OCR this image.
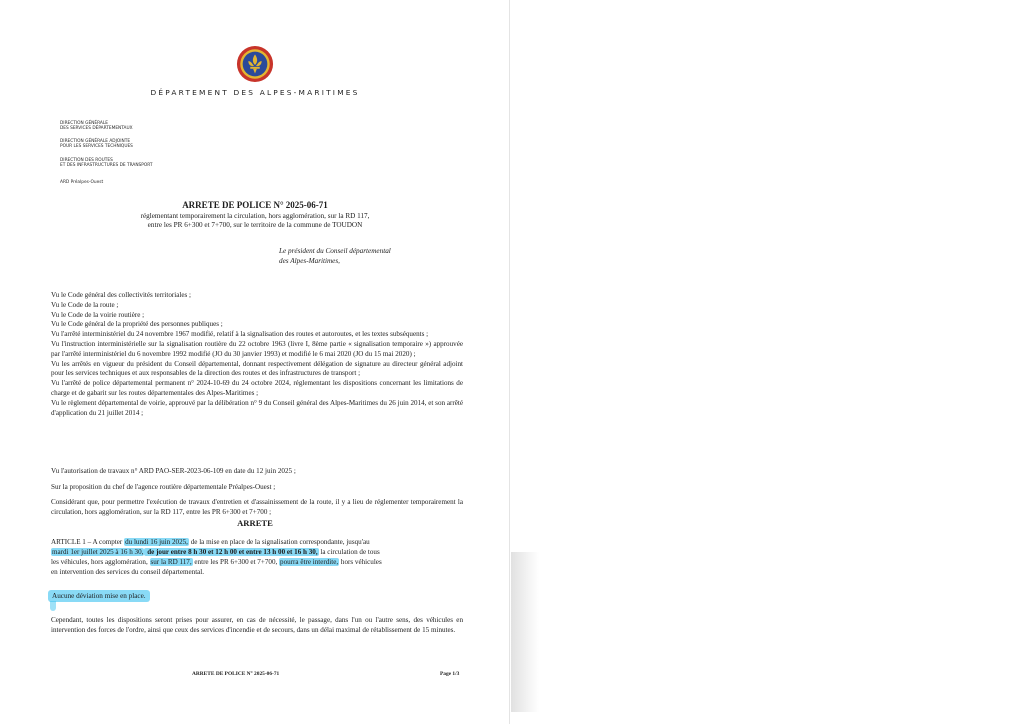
DÉPARTEMENT DES ALPES-MARITIMES
DIRECTION GÉNÉRALE
DES SERVICES DÉPARTEMENTAUX
DIRECTION GÉNÉRALE ADJOINTE
POUR LES SERVICES TECHNIQUES
DIRECTION DES ROUTES
ET DES INFRASTRUCTURES DE TRANSPORT
ARD Préalpes-Ouest
ARRETE DE POLICE N° 2025-06-71
réglementant temporairement la circulation, hors agglomération, sur la RD 117,
entre les PR 6+300 et 7+700, sur le territoire de la commune de TOUDON
Le président du Conseil départemental
des Alpes-Maritimes,

Vu le Code général des collectivités territoriales ;

Vu le Code de la route ;

Vu le Code de la voirie routière ;

Vu le Code général de la propriété des personnes publiques ;

Vu l'arrêté interministériel du 24 novembre 1967 modifié, relatif à la signalisation des routes et autoroutes, et les textes subséquents ;

Vu l'instruction interministérielle sur la signalisation routière du 22 octobre 1963 (livre I, 8ème partie « signalisation temporaire ») approuvée par l'arrêté interministériel du 6 novembre 1992 modifié (JO du 30 janvier 1993) et modifié le 6 mai 2020 (JO du 15 mai 2020) ;

Vu les arrêtés en vigueur du président du Conseil départemental, donnant respectivement délégation de signature au directeur général adjoint pour les services techniques et aux responsables de la direction des routes et des infrastructures de transport ;

Vu l'arrêté de police départemental permanent n° 2024-10-69 du 24 octobre 2024, réglementant les dispositions concernant les limitations de charge et de gabarit sur les routes départementales des Alpes-Maritimes ;

Vu le règlement départemental de voirie, approuvé par la délibération n° 9 du Conseil général des Alpes-Maritimes du 26 juin 2014, et son arrêté d'application du 21 juillet 2014 ;

Vu l'autorisation de travaux n° ARD PAO-SER-2023-06-109 en date du 12 juin 2025 ;

Sur la proposition du chef de l'agence routière départementale Préalpes-Ouest ;

Considérant que, pour permettre l'exécution de travaux d'entretien et d'assainissement de la route, il y a lieu de réglementer temporairement la circulation, hors agglomération, sur la RD 117, entre les PR 6+300 et 7+700 ;

ARRETE
ARTICLE 1 – A compter du lundi 16 juin 2025, de la mise en place de la signalisation correspondante, jusqu'au
mardi 1er juillet 2025 à 16 h 30, de jour entre 8 h 30 et 12 h 00 et entre 13 h 00 et 16 h 30, la circulation de tous
les véhicules, hors agglomération, sur la RD 117, entre les PR 6+300 et 7+700, pourra être interdite, hors véhicules
en intervention des services du conseil départemental.
Aucune déviation mise en place.

Cependant, toutes les dispositions seront prises pour assurer, en cas de nécessité, le passage, dans l'un ou l'autre sens, des véhicules en intervention des forces de l'ordre, ainsi que ceux des services d'incendie et de secours, dans un délai maximal de rétablissement de 15 minutes.

ARRETE DE POLICE N° 2025-06-71	Page 1/3
